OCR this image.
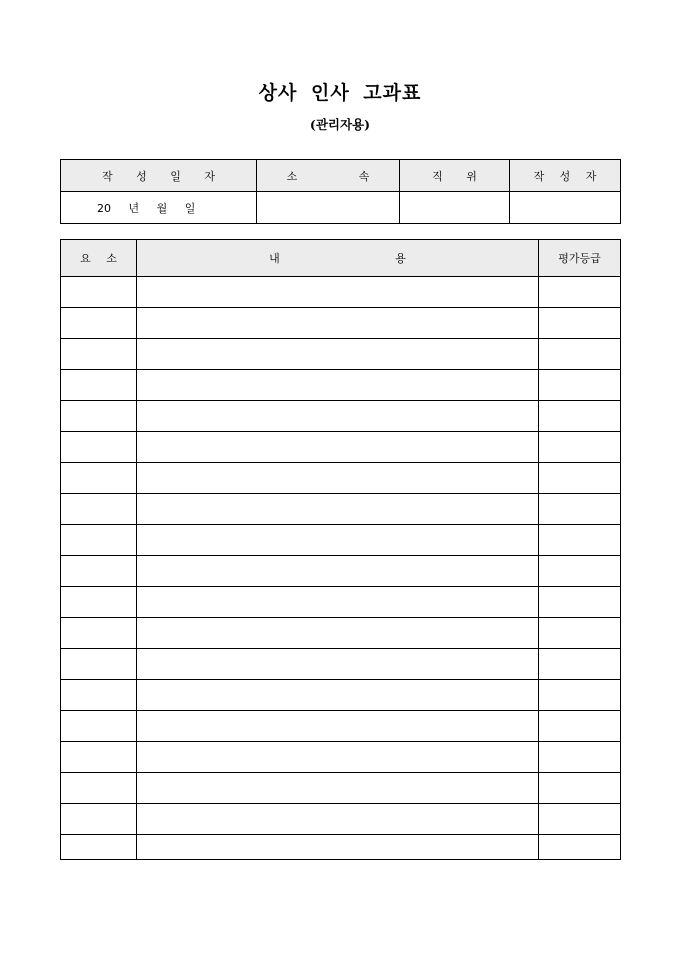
상사 인사 고과표
(관리자용)
작 성 일 자	소 속	직 위	작 성 자
20 년 월 일			
요 소	내 용	평가등급
